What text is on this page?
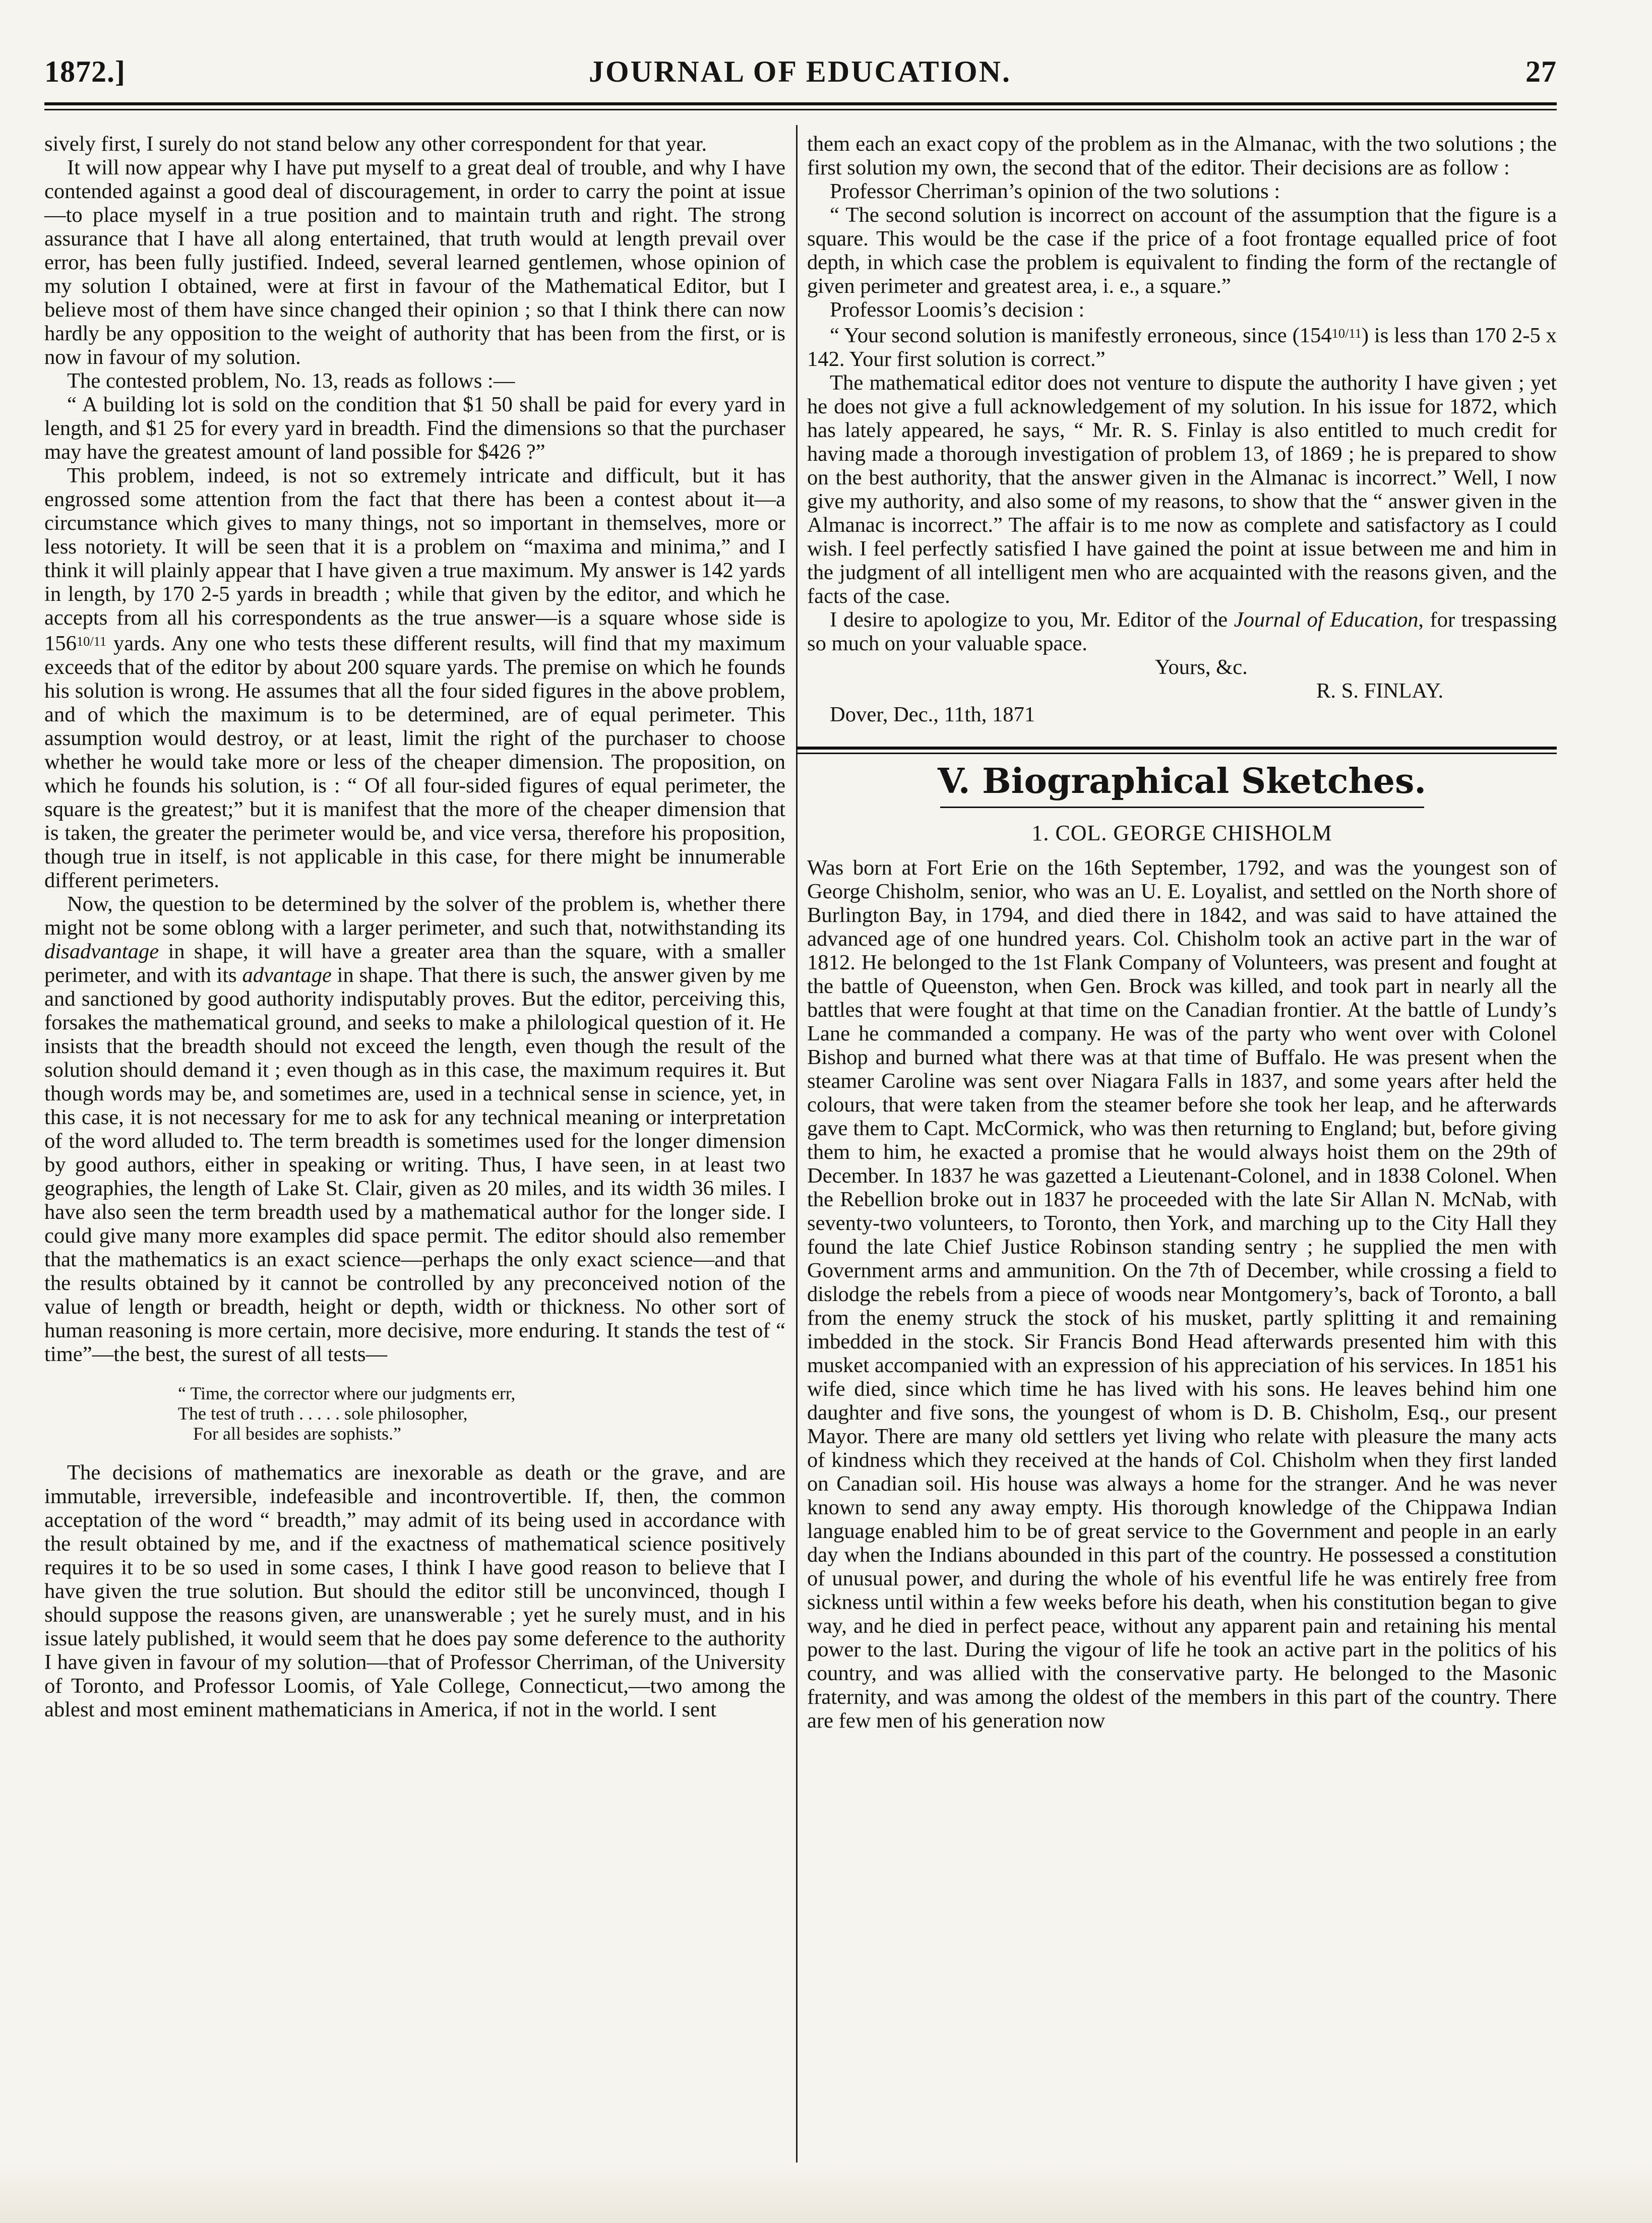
1872.]	JOURNAL OF EDUCATION.	27

sively first, I surely do not stand below any other correspondent for that year.

It will now appear why I have put myself to a great deal of trouble, and why I have contended against a good deal of discouragement, in order to carry the point at issue—to place myself in a true position and to maintain truth and right. The strong assurance that I have all along entertained, that truth would at length prevail over error, has been fully justified. Indeed, several learned gentlemen, whose opinion of my solution I obtained, were at first in favour of the Mathematical Editor, but I believe most of them have since changed their opinion ; so that I think there can now hardly be any opposition to the weight of authority that has been from the first, or is now in favour of my solution.

The contested problem, No. 13, reads as follows :—

“ A building lot is sold on the condition that $1 50 shall be paid for every yard in length, and $1 25 for every yard in breadth. Find the dimensions so that the purchaser may have the greatest amount of land possible for $426 ?”

This problem, indeed, is not so extremely intricate and difficult, but it has engrossed some attention from the fact that there has been a contest about it—a circumstance which gives to many things, not so important in themselves, more or less notoriety. It will be seen that it is a problem on “maxima and minima,” and I think it will plainly appear that I have given a true maximum. My answer is 142 yards in length, by 170 2-5 yards in breadth ; while that given by the editor, and which he accepts from all his correspondents as the true answer—is a square whose side is $156^{10/11}$ yards. Any one who tests these different results, will find that my maximum exceeds that of the editor by about 200 square yards. The premise on which he founds his solution is wrong. He assumes that all the four sided figures in the above problem, and of which the maximum is to be determined, are of equal perimeter. This assumption would destroy, or at least, limit the right of the purchaser to choose whether he would take more or less of the cheaper dimension. The proposition, on which he founds his solution, is : “ Of all four-sided figures of equal perimeter, the square is the greatest;” but it is manifest that the more of the cheaper dimension that is taken, the greater the perimeter would be, and vice versa, therefore his proposition, though true in itself, is not applicable in this case, for there might be innumerable different perimeters.

Now, the question to be determined by the solver of the problem is, whether there might not be some oblong with a larger perimeter, and such that, notwithstanding its disadvantage in shape, it will have a greater area than the square, with a smaller perimeter, and with its advantage in shape. That there is such, the answer given by me and sanctioned by good authority indisputably proves. But the editor, perceiving this, forsakes the mathematical ground, and seeks to make a philological question of it. He insists that the breadth should not exceed the length, even though the result of the solution should demand it ; even though as in this case, the maximum requires it. But though words may be, and sometimes are, used in a technical sense in science, yet, in this case, it is not necessary for me to ask for any technical meaning or interpretation of the word alluded to. The term breadth is sometimes used for the longer dimension by good authors, either in speaking or writing. Thus, I have seen, in at least two geographies, the length of Lake St. Clair, given as 20 miles, and its width 36 miles. I have also seen the term breadth used by a mathematical author for the longer side. I could give many more examples did space permit. The editor should also remember that the mathematics is an exact science—perhaps the only exact science—and that the results obtained by it cannot be controlled by any preconceived notion of the value of length or breadth, height or depth, width or thickness. No other sort of human reasoning is more certain, more decisive, more enduring. It stands the test of “ time”—the best, the surest of all tests—

“ Time, the corrector where our judgments err,
The test of truth . . . . . sole philosopher,
For all besides are sophists.”

The decisions of mathematics are inexorable as death or the grave, and are immutable, irreversible, indefeasible and incontrovertible. If, then, the common acceptation of the word “ breadth,” may admit of its being used in accordance with the result obtained by me, and if the exactness of mathematical science positively requires it to be so used in some cases, I think I have good reason to believe that I have given the true solution. But should the editor still be unconvinced, though I should suppose the reasons given, are unanswerable ; yet he surely must, and in his issue lately published, it would seem that he does pay some deference to the authority I have given in favour of my solution—that of Professor Cherriman, of the University of Toronto, and Professor Loomis, of Yale College, Connecticut,—two among the ablest and most eminent mathematicians in America, if not in the world. I sent

them each an exact copy of the problem as in the Almanac, with the two solutions ; the first solution my own, the second that of the editor. Their decisions are as follow :

Professor Cherriman’s opinion of the two solutions :

“ The second solution is incorrect on account of the assumption that the figure is a square. This would be the case if the price of a foot frontage equalled price of foot depth, in which case the problem is equivalent to finding the form of the rectangle of given perimeter and greatest area, i. e., a square.”

Professor Loomis’s decision :

“ Your second solution is manifestly erroneous, since $(154^{10/11})$ is less than 170 2-5 x 142. Your first solution is correct.”

The mathematical editor does not venture to dispute the authority I have given ; yet he does not give a full acknowledgement of my solution. In his issue for 1872, which has lately appeared, he says, “ Mr. R. S. Finlay is also entitled to much credit for having made a thorough investigation of problem 13, of 1869 ; he is prepared to show on the best authority, that the answer given in the Almanac is incorrect.” Well, I now give my authority, and also some of my reasons, to show that the “ answer given in the Almanac is incorrect.” The affair is to me now as complete and satisfactory as I could wish. I feel perfectly satisfied I have gained the point at issue between me and him in the judgment of all intelligent men who are acquainted with the reasons given, and the facts of the case.

I desire to apologize to you, Mr. Editor of the Journal of Education, for trespassing so much on your valuable space.

Yours, &c.

R. S. FINLAY.

Dover, Dec., 11th, 1871

V. Biographical Sketches.
1. COL. GEORGE CHISHOLM

Was born at Fort Erie on the 16th September, 1792, and was the youngest son of George Chisholm, senior, who was an U. E. Loyalist, and settled on the North shore of Burlington Bay, in 1794, and died there in 1842, and was said to have attained the advanced age of one hundred years. Col. Chisholm took an active part in the war of 1812. He belonged to the 1st Flank Company of Volunteers, was present and fought at the battle of Queenston, when Gen. Brock was killed, and took part in nearly all the battles that were fought at that time on the Canadian frontier. At the battle of Lundy’s Lane he commanded a company. He was of the party who went over with Colonel Bishop and burned what there was at that time of Buffalo. He was present when the steamer Caroline was sent over Niagara Falls in 1837, and some years after held the colours, that were taken from the steamer before she took her leap, and he afterwards gave them to Capt. McCormick, who was then returning to England; but, before giving them to him, he exacted a promise that he would always hoist them on the 29th of December. In 1837 he was gazetted a Lieutenant-Colonel, and in 1838 Colonel. When the Rebellion broke out in 1837 he proceeded with the late Sir Allan N. McNab, with seventy-two volunteers, to Toronto, then York, and marching up to the City Hall they found the late Chief Justice Robinson standing sentry ; he supplied the men with Government arms and ammunition. On the 7th of December, while crossing a field to dislodge the rebels from a piece of woods near Montgomery’s, back of Toronto, a ball from the enemy struck the stock of his musket, partly splitting it and remaining imbedded in the stock. Sir Francis Bond Head afterwards presented him with this musket accompanied with an expression of his appreciation of his services. In 1851 his wife died, since which time he has lived with his sons. He leaves behind him one daughter and five sons, the youngest of whom is D. B. Chisholm, Esq., our present Mayor. There are many old settlers yet living who relate with pleasure the many acts of kindness which they received at the hands of Col. Chisholm when they first landed on Canadian soil. His house was always a home for the stranger. And he was never known to send any away empty. His thorough knowledge of the Chippawa Indian language enabled him to be of great service to the Government and people in an early day when the Indians abounded in this part of the country. He possessed a constitution of unusual power, and during the whole of his eventful life he was entirely free from sickness until within a few weeks before his death, when his constitution began to give way, and he died in perfect peace, without any apparent pain and retaining his mental power to the last. During the vigour of life he took an active part in the politics of his country, and was allied with the conservative party. He belonged to the Masonic fraternity, and was among the oldest of the members in this part of the country. There are few men of his generation now
